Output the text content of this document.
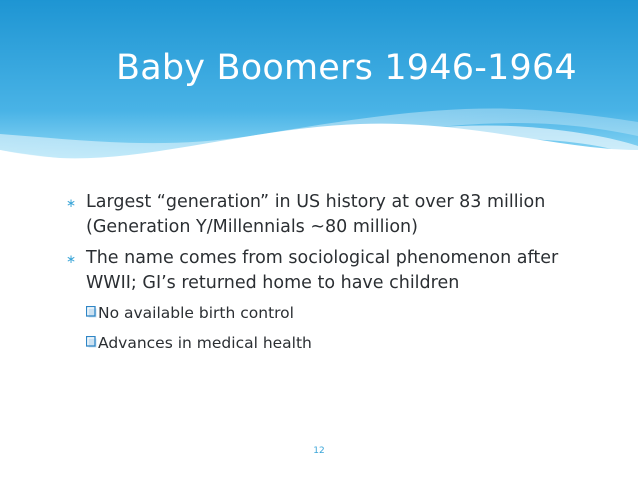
Baby Boomers 1946-1964
∗ Largest “generation” in US history at over 83 million
(Generation Y/Millennials ~80 million)
∗ The name comes from sociological phenomenon after
WWII; GI’s returned home to have children
No available birth control
Advances in medical health
12
